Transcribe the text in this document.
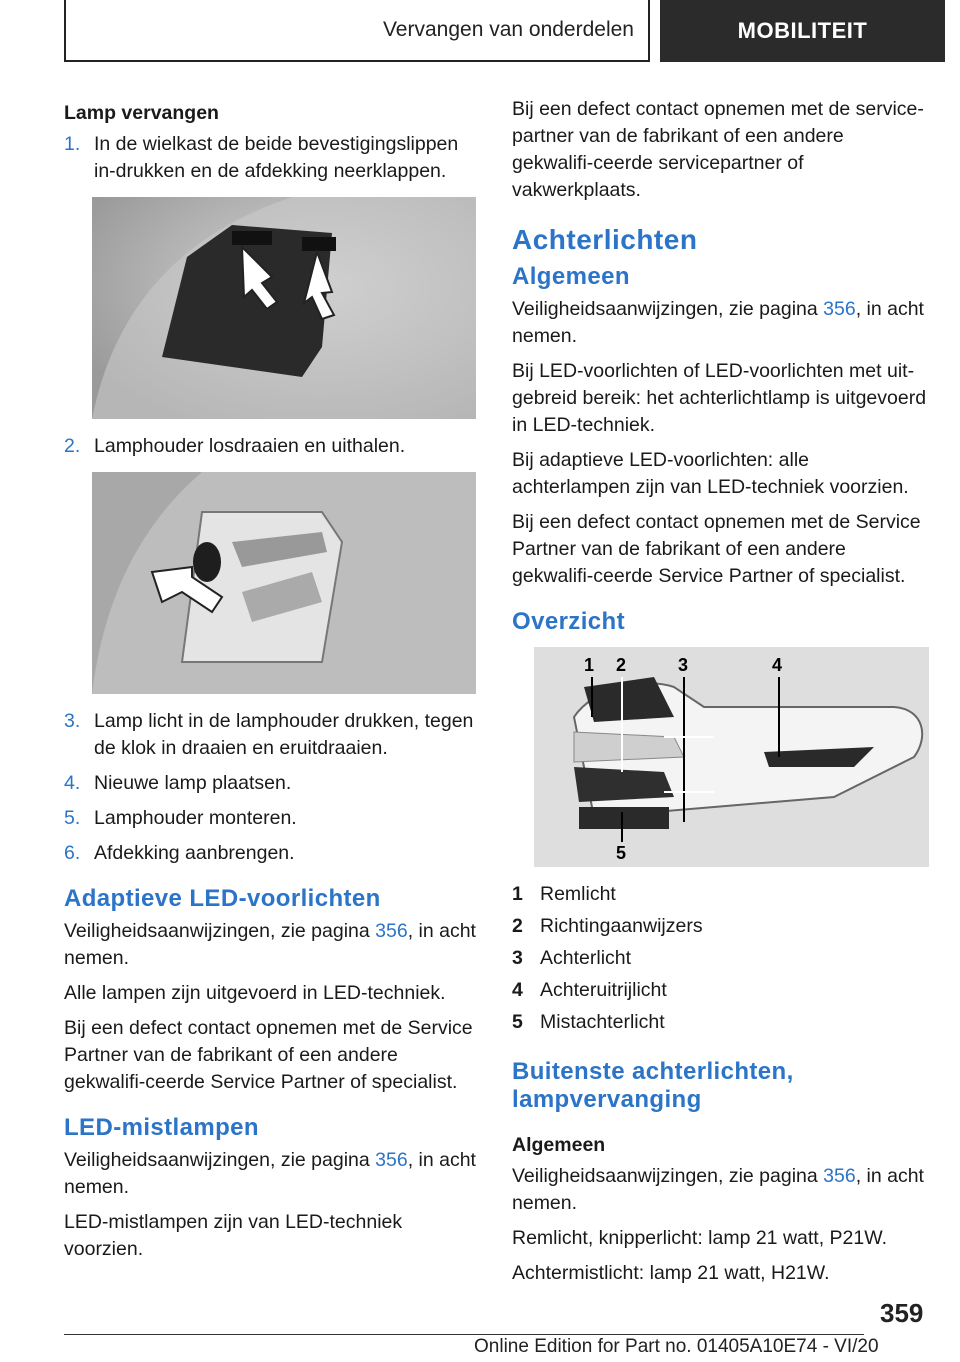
Vervangen van onderdelen	MOBILITEIT
Lamp vervangen
1. In de wielkast de beide bevestigingslippen in-drukken en de afdekking neerklappen.
2. Lamphouder losdraaien en uithalen.
3. Lamp licht in de lamphouder drukken, tegen de klok in draaien en eruitdraaien.
4. Nieuwe lamp plaatsen.
5. Lamphouder monteren.
6. Afdekking aanbrengen.
Adaptieve LED-voorlichten

Veiligheidsaanwijzingen, zie pagina 356, in acht nemen.

Alle lampen zijn uitgevoerd in LED-techniek.

Bij een defect contact opnemen met de Service Partner van de fabrikant of een andere gekwalifi-ceerde Service Partner of specialist.

LED-mistlampen

Veiligheidsaanwijzingen, zie pagina 356, in acht nemen.

LED-mistlampen zijn van LED-techniek voorzien.

Bij een defect contact opnemen met de service-partner van de fabrikant of een andere gekwalifi-ceerde servicepartner of vakwerkplaats.

Achterlichten
Algemeen

Veiligheidsaanwijzingen, zie pagina 356, in acht nemen.

Bij LED-voorlichten of LED-voorlichten met uit-gebreid bereik: het achterlichtlamp is uitgevoerd in LED-techniek.

Bij adaptieve LED-voorlichten: alle achterlampen zijn van LED-techniek voorzien.

Bij een defect contact opnemen met de Service Partner van de fabrikant of een andere gekwalifi-ceerde Service Partner of specialist.

Overzicht
1 2	3	4
5
1 Remlicht
2 Richtingaanwijzers
3 Achterlicht
4 Achteruitrijlicht
5 Mistachterlicht
Buitenste achterlichten, lampvervanging
Algemeen

Veiligheidsaanwijzingen, zie pagina 356, in acht nemen.

Remlicht, knipperlicht: lamp 21 watt, P21W.

Achtermistlicht: lamp 21 watt, H21W.

359
Online Edition for Part no. 01405A10E74 - VI/20
